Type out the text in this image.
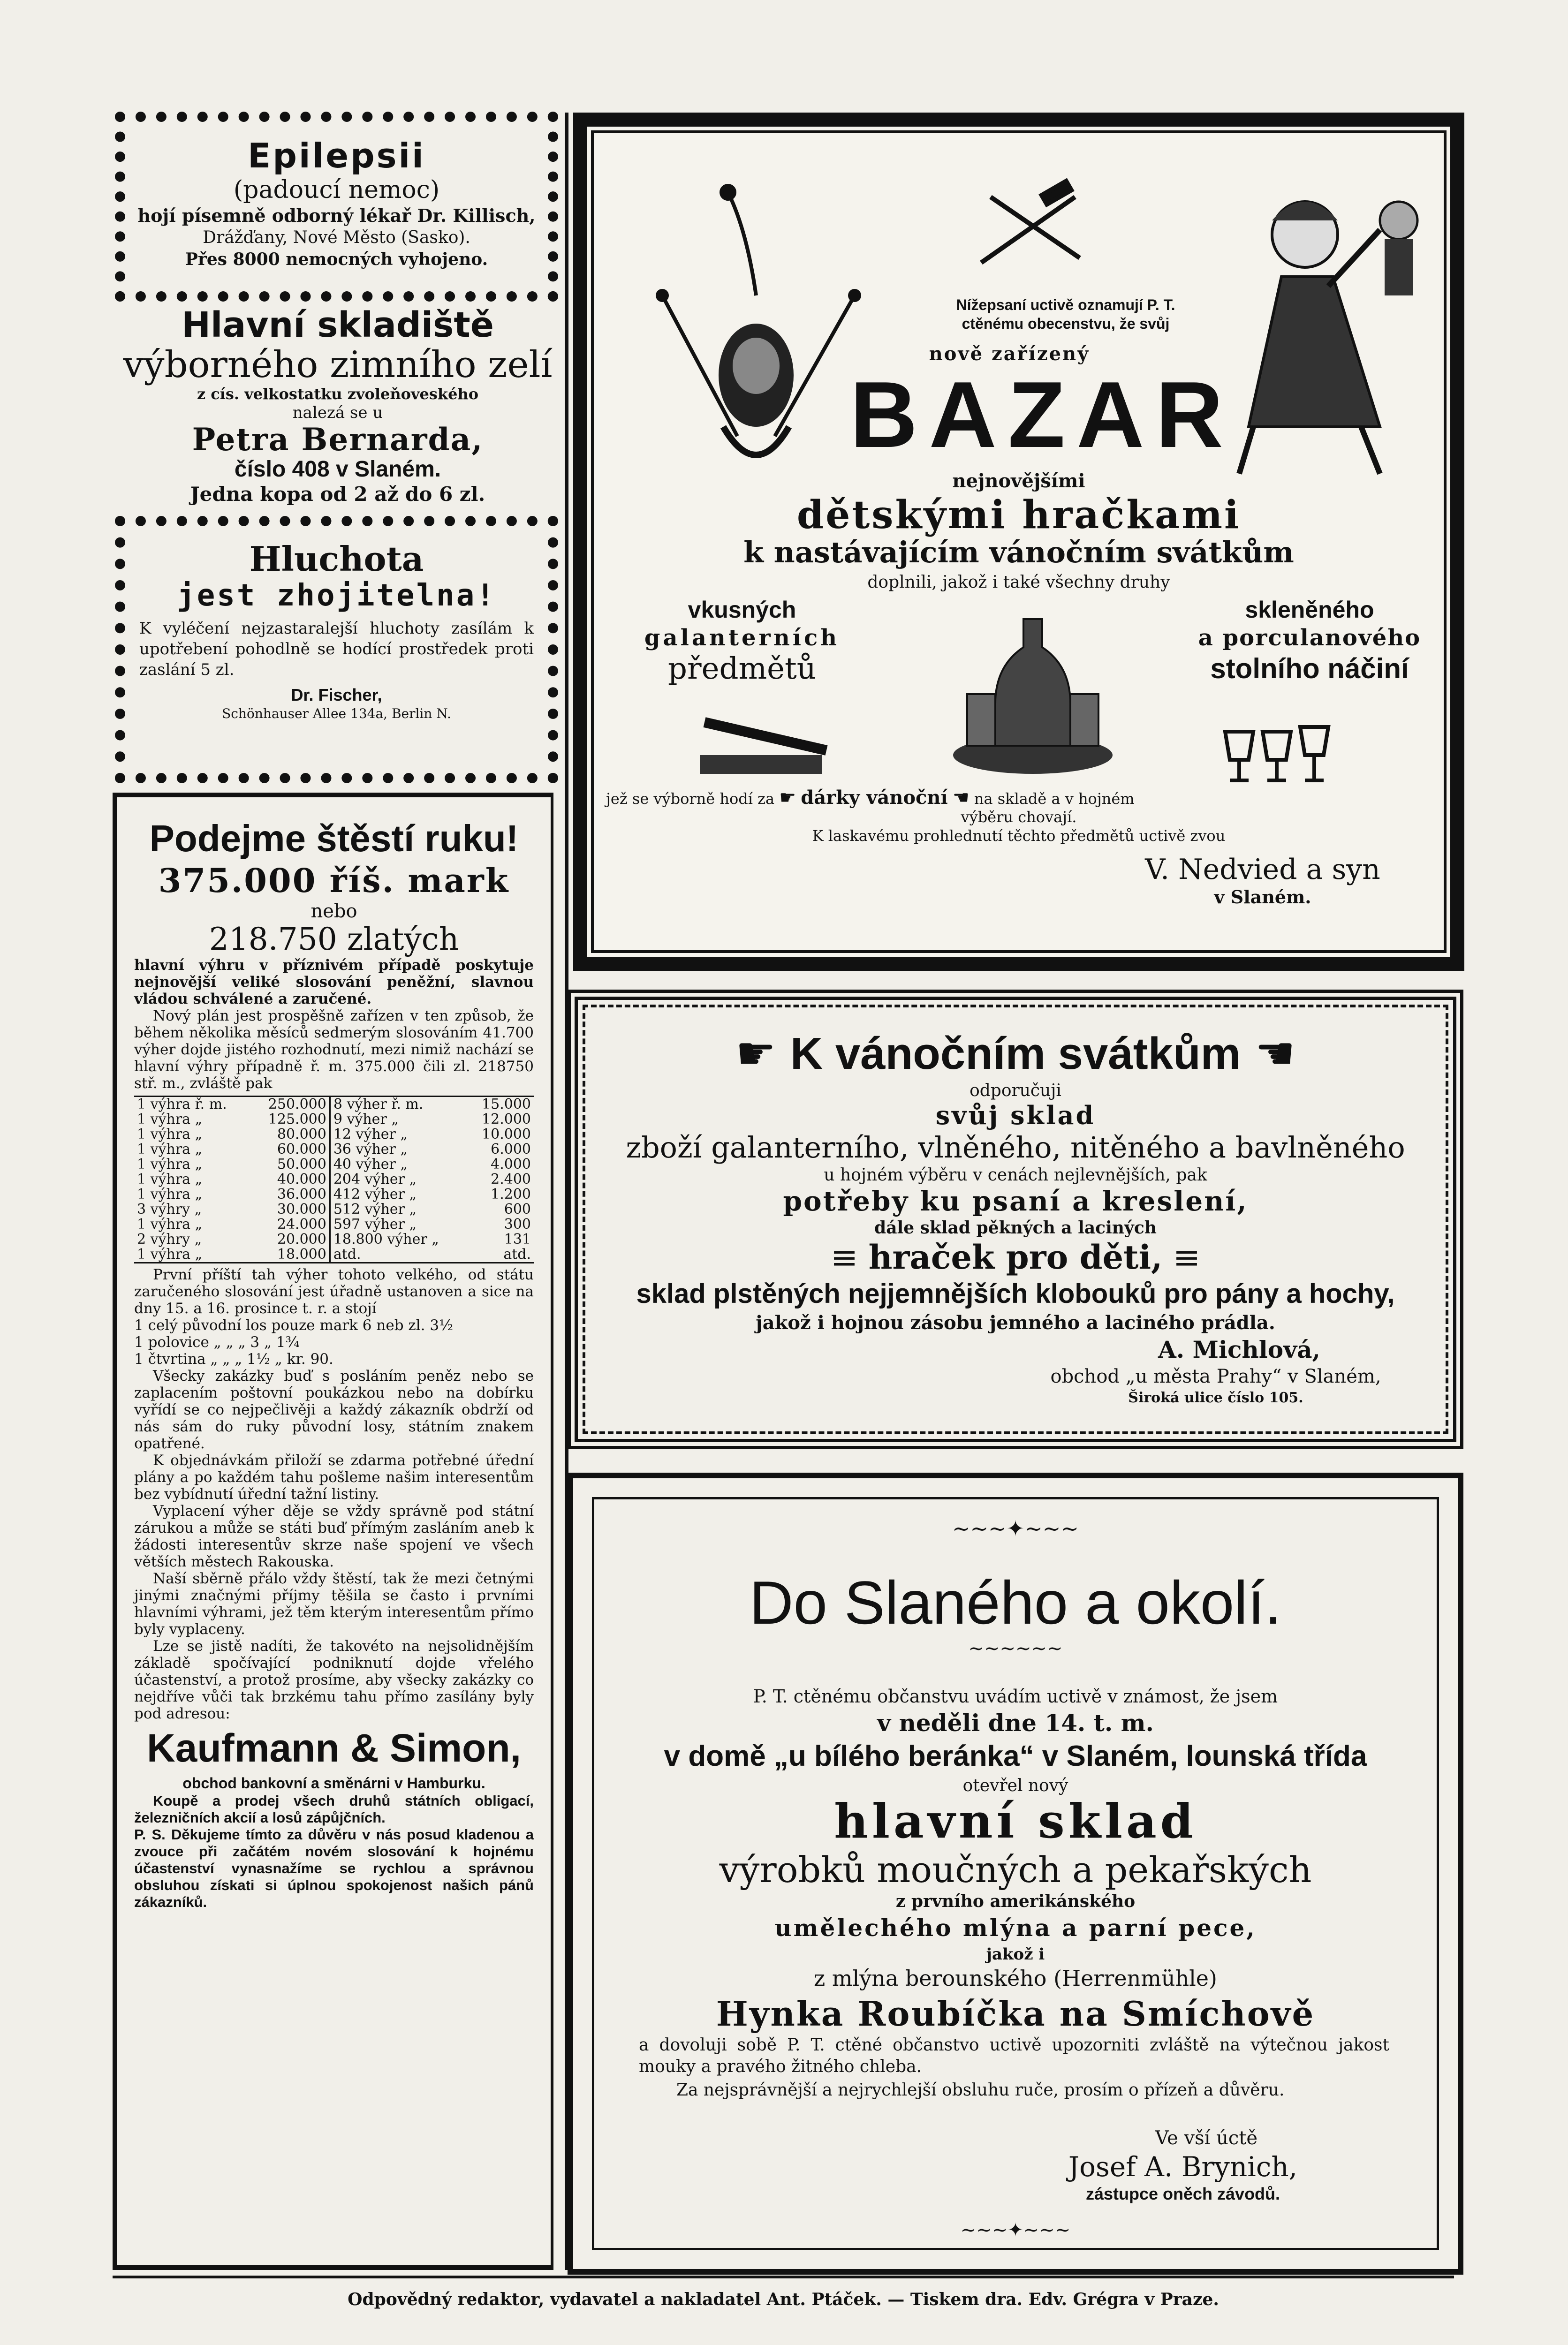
Epilepsii
(padoucí nemoc)
hojí písemně odborný lékař Dr. Killisch,
Drážďany, Nové Město (Sasko).
Přes 8000 nemocných vyhojeno.
Hlavní skladiště
výborného zimního zelí
z cís. velkostatku zvoleňoveského
nalezá se u
Petra Bernarda,
číslo 408 v Slaném.
Jedna kopa od 2 až do 6 zl.
Hluchota
jest zhojitelna!

K vyléčení nejzastaralejší hluchoty zasílám k upotřebení pohodlně se hodící prostředek proti zaslání 5 zl.

Dr. Fischer,
Schönhauser Allee 134a, Berlin N.
Podejme štěstí ruku!
375.000 říš. mark
nebo
218.750 zlatých

hlavní výhru v příznivém případě poskytuje nejnovější veliké slosování peněžní, slavnou vládou schválené a zaručené.

Nový plán jest prospěšně zařízen v ten způsob, že během několika měsíců sedmerým slosováním 41.700 výher dojde jistého rozhodnutí, mezi nimiž nachází se hlavní výhry případně ř. m. 375.000 čili zl. 218750 stř. m., zvláště pak

1 výhra ř. m.	250.000	8 výher ř. m.	15.000
1 výhra „	125.000	9 výher „	12.000
1 výhra „	80.000	12 výher „	10.000
1 výhra „	60.000	36 výher „	6.000
1 výhra „	50.000	40 výher „	4.000
1 výhra „	40.000	204 výher „	2.400
1 výhra „	36.000	412 výher „	1.200
3 výhry „	30.000	512 výher „	600
1 výhra „	24.000	597 výher „	300
2 výhry „	20.000	18.800 výher „	131
1 výhra „	18.000	atd.	atd.

První příští tah výher tohoto velkého, od státu zaručeného slosování jest úřadně ustanoven a sice na dny 15. a 16. prosince t. r. a stojí

1 celý původní los pouze mark 6 neb zl. 3½
1 polovice „ „ „ 3 „ 1¾
1 čtvrtina „ „ „ 1½ „ kr. 90.

Všecky zakázky buď s posláním peněz nebo se zaplacením poštovní poukázkou nebo na dobírku vyřídí se co nejpečlivěji a každý zákazník obdrží od nás sám do ruky původní losy, státním znakem opatřené.

K objednávkám přiloží se zdarma potřebné úřední plány a po každém tahu pošleme našim interesentům bez vybídnutí úřední tažní listiny.

Vyplacení výher děje se vždy správně pod státní zárukou a může se státi buď přímým zasláním aneb k žádosti interesentův skrze naše spojení ve všech větších městech Rakouska.

Naší sběrně přálo vždy štěstí, tak že mezi četnými jinými značnými příjmy těšila se často i prvními hlavními výhrami, jež těm kterým interesentům přímo byly vyplaceny.

Lze se jistě nadíti, že takovéto na nejsolidnějším základě spočívající podniknutí dojde vřelého účastenství, a protož prosíme, aby všecky zakázky co nejdříve vůči tak brzkému tahu přímo zasílány byly pod adresou:

Kaufmann & Simon,
obchod bankovní a směnárni v Hamburku.

Koupě a prodej všech druhů státních obligací, železničních akcií a losů zápůjčních.

P. S. Děkujeme tímto za důvěru v nás posud kladenou a zvouce při začátém novém slosování k hojnému účastenství vynasnažíme se rychlou a správnou obsluhou získati si úplnou spokojenost našich pánů zákazníků.

Nížepsaní uctivě oznamují P. T.
ctěnému obecenstvu, že svůj
nově zařízený
BAZAR
nejnovějšími
dětskými hračkami
k nastávajícím vánočním svátkům
doplnili, jakož i také všechny druhy
vkusných
galanterních
předmětů
skleněného
a porculanového
stolního náčiní
jež se výborně hodí za ☛ dárky vánoční ☚ na skladě a v hojném
výběru chovají.
K laskavému prohlednutí těchto předmětů uctivě zvou
V. Nedvied a syn
v Slaném.
☛ K vánočním svátkům ☚
odporučuji
svůj sklad
zboží galanterního, vlněného, nitěného a bavlněného
u hojném výběru v cenách nejlevnějších, pak
potřeby ku psaní a kreslení,
dále sklad pěkných a laciných
≡ hraček pro děti, ≡
sklad plstěných nejjemnějších klobouků pro pány a hochy,
jakož i hojnou zásobu jemného a laciného prádla.
A. Michlová,
obchod „u města Prahy“ v Slaném,
Široká ulice číslo 105.
~~~✦~~~
Do Slaného a okolí.
~~~~~~
P. T. ctěnému občanstvu uvádím uctivě v známost, že jsem
v neděli dne 14. t. m.
v domě „u bílého beránka“ v Slaném, lounská třída
otevřel nový
hlavní sklad
výrobků moučných a pekařských
z prvního amerikánského
umělechého mlýna a parní pece,
jakož i
z mlýna berounského (Herrenmühle)
Hynka Roubíčka na Smíchově

a dovoluji sobě P. T. ctěné občanstvo uctivě upozorniti zvláště na výtečnou jakost mouky a pravého žitného chleba.

Za nejsprávnější a nejrychlejší obsluhu ruče, prosím o přízeň a důvěru.

Ve vší úctě
Josef A. Brynich,
zástupce oněch závodů.
~~~✦~~~
Odpovědný redaktor, vydavatel a nakladatel Ant. Ptáček. — Tiskem dra. Edv. Grégra v Praze.
